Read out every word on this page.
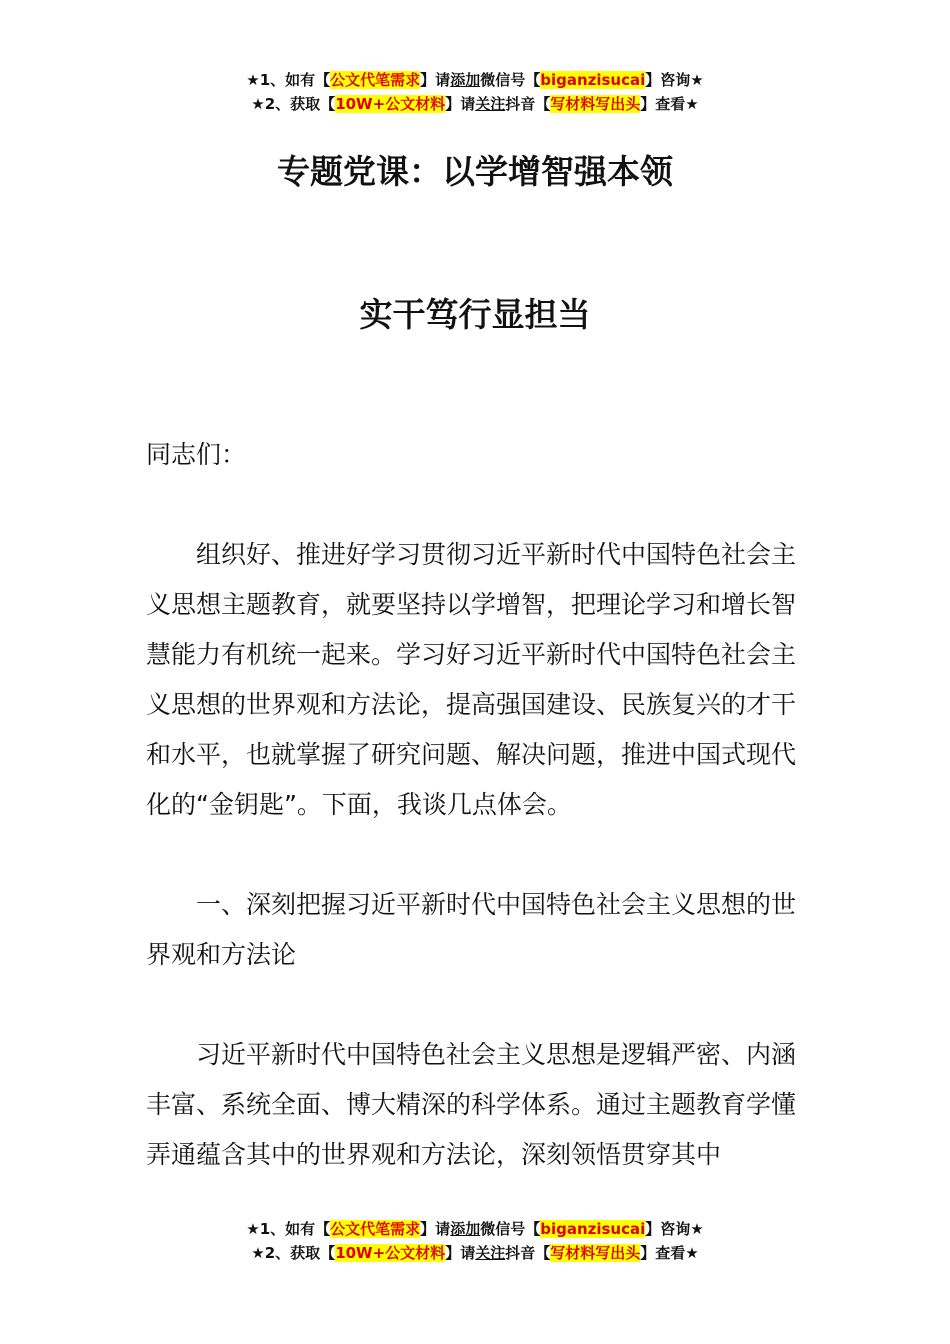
★1、如有【公文代笔需求】请添加微信号【biganzisucai】咨询★
★2、获取【10W+公文材料】请关注抖音【写材料写出头】查看★
专题党课：以学增智强本领
实干笃行显担当

同志们：

组织好、推进好学习贯彻习近平新时代中国特色社会主义思想主题教育，就要坚持以学增智，把理论学习和增长智慧能力有机统一起来。学习好习近平新时代中国特色社会主义思想的世界观和方法论，提高强国建设、民族复兴的才干和水平，也就掌握了研究问题、解决问题，推进中国式现代化的“金钥匙”。下面，我谈几点体会。

一、深刻把握习近平新时代中国特色社会主义思想的世界观和方法论

习近平新时代中国特色社会主义思想是逻辑严密、内涵丰富、系统全面、博大精深的科学体系。通过主题教育学懂弄通蕴含其中的世界观和方法论，深刻领悟贯穿其中

★1、如有【公文代笔需求】请添加微信号【biganzisucai】咨询★
★2、获取【10W+公文材料】请关注抖音【写材料写出头】查看★
